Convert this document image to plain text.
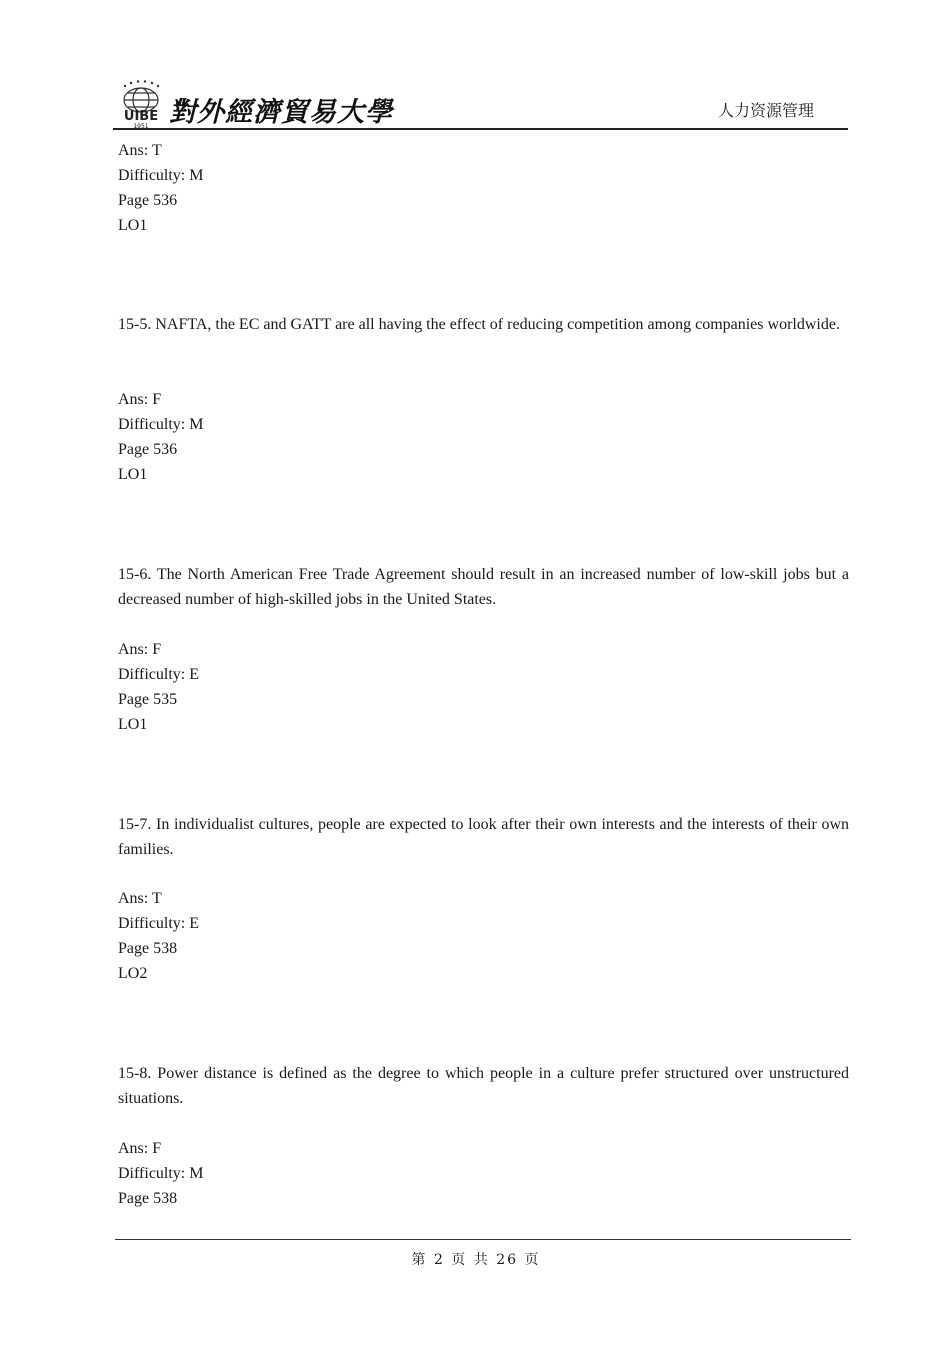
UIBE
1951 對外經濟貿易大學	人力资源管理
Ans: T
Difficulty: M
Page 536
LO1
15-5. NAFTA, the EC and GATT are all having the effect of reducing competition among companies worldwide.
Ans: F
Difficulty: M
Page 536
LO1
15-6. The North American Free Trade Agreement should result in an increased number of low-skill jobs but a decreased number of high-skilled jobs in the United States.
Ans: F
Difficulty: E
Page 535
LO1
15-7. In individualist cultures, people are expected to look after their own interests and the interests of their own families.
Ans: T
Difficulty: E
Page 538
LO2
15-8. Power distance is defined as the degree to which people in a culture prefer structured over unstructured situations.
Ans: F
Difficulty: M
Page 538
第 2 页 共 26 页
